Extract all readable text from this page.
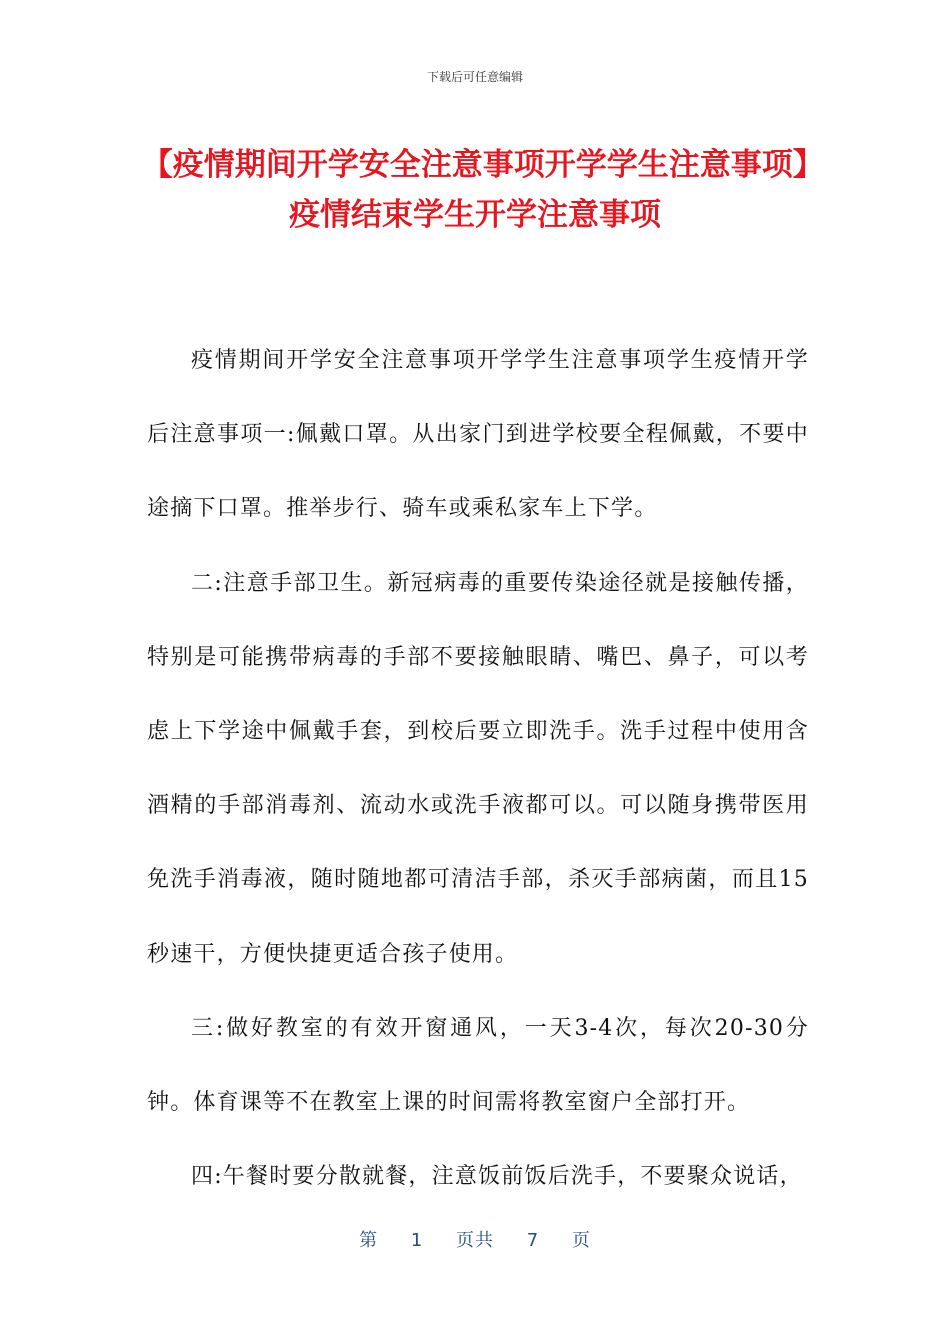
下载后可任意编辑
【疫情期间开学安全注意事项开学学生注意事项】疫情结束学生开学注意事项

疫情期间开学安全注意事项开学学生注意事项学生疫情开学后注意事项一:佩戴口罩。从出家门到进学校要全程佩戴，不要中途摘下口罩。推举步行、骑车或乘私家车上下学。

二:注意手部卫生。新冠病毒的重要传染途径就是接触传播，特别是可能携带病毒的手部不要接触眼睛、嘴巴、鼻子，可以考虑上下学途中佩戴手套，到校后要立即洗手。洗手过程中使用含酒精的手部消毒剂、流动水或洗手液都可以。可以随身携带医用免洗手消毒液，随时随地都可清洁手部，杀灭手部病菌，而且15秒速干，方便快捷更适合孩子使用。

三:做好教室的有效开窗通风，一天3-4次，每次20-30分钟。体育课等不在教室上课的时间需将教室窗户全部打开。

四:午餐时要分散就餐，注意饭前饭后洗手，不要聚众说话，

第 1 页共 7 页
